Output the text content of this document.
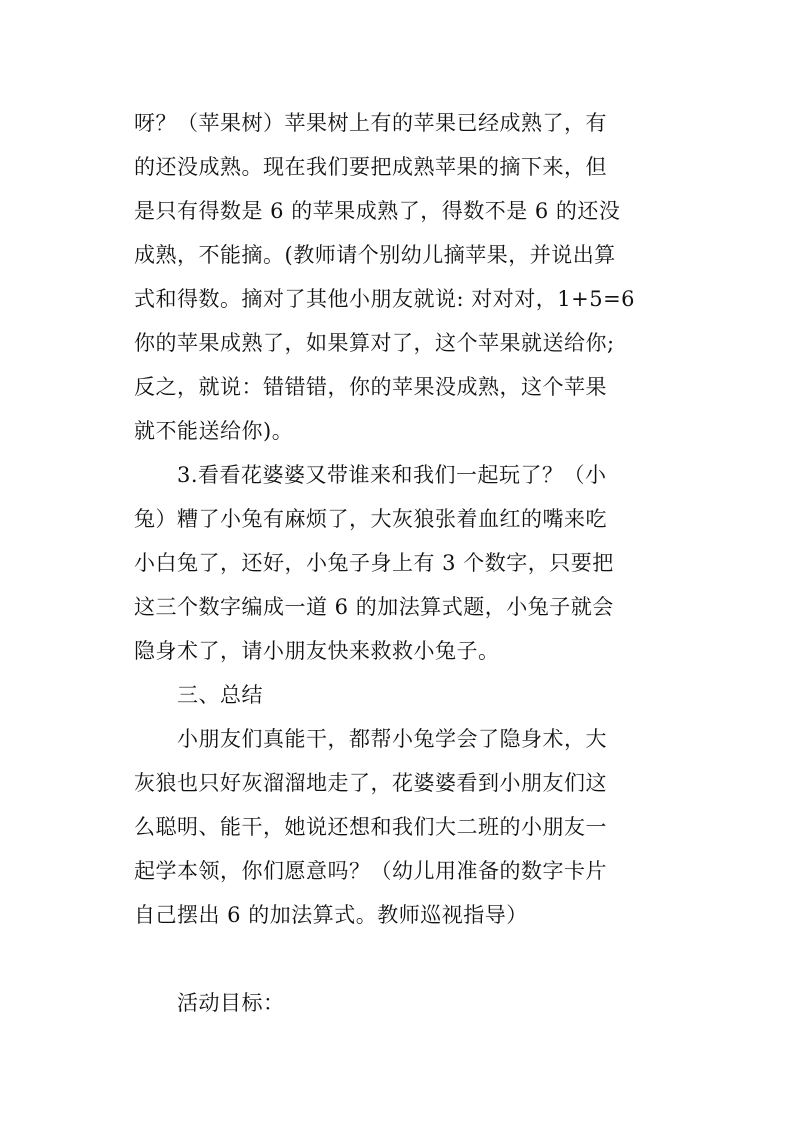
呀？（苹果树）苹果树上有的苹果已经成熟了，有
的还没成熟。现在我们要把成熟苹果的摘下来，但
是只有得数是 6 的苹果成熟了，得数不是 6 的还没
成熟，不能摘。(教师请个别幼儿摘苹果，并说出算
式和得数。摘对了其他小朋友就说: 对对对，1+5=6
你的苹果成熟了，如果算对了，这个苹果就送给你;
反之，就说：错错错，你的苹果没成熟，这个苹果
就不能送给你)。
3.看看花婆婆又带谁来和我们一起玩了？（小
兔）糟了小兔有麻烦了，大灰狼张着血红的嘴来吃
小白兔了，还好，小兔子身上有 3 个数字，只要把
这三个数字编成一道 6 的加法算式题，小兔子就会
隐身术了，请小朋友快来救救小兔子。
三、总结
小朋友们真能干，都帮小兔学会了隐身术，大
灰狼也只好灰溜溜地走了，花婆婆看到小朋友们这
么聪明、能干，她说还想和我们大二班的小朋友一
起学本领，你们愿意吗？（幼儿用准备的数字卡片
自己摆出 6 的加法算式。教师巡视指导）
活动目标：
